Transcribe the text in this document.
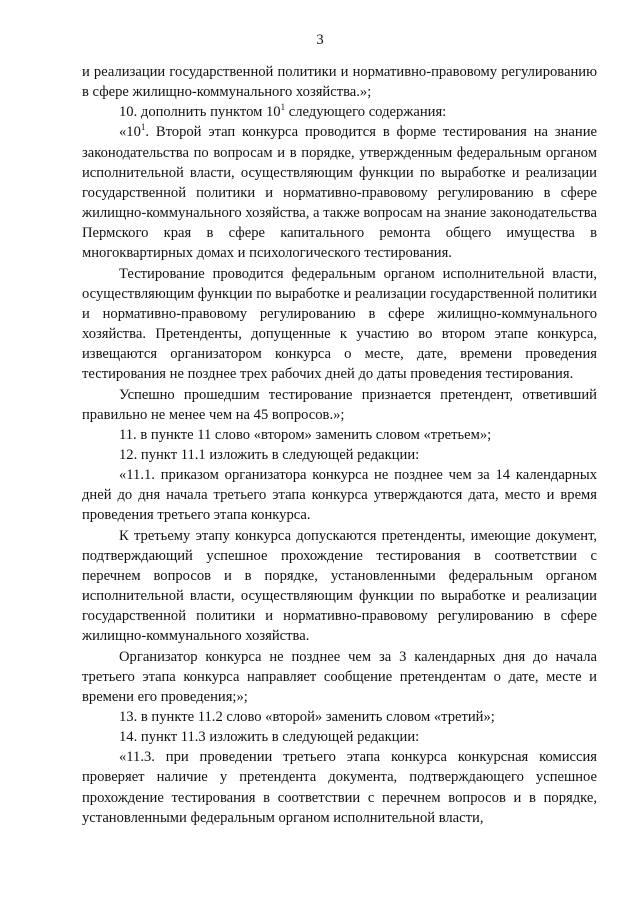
3

и реализации государственной политики и нормативно-правовому регулированию в сфере жилищно-коммунального хозяйства.»;

10. дополнить пунктом $10^1$ следующего содержания:

«$10^1$. Второй этап конкурса проводится в форме тестирования на знание законодательства по вопросам и в порядке, утвержденным федеральным органом исполнительной власти, осуществляющим функции по выработке и реализации государственной политики и нормативно-правовому регулированию в сфере жилищно-коммунального хозяйства, а также вопросам на знание законодательства Пермского края в сфере капитального ремонта общего имущества в многоквартирных домах и психологического тестирования.

Тестирование проводится федеральным органом исполнительной власти, осуществляющим функции по выработке и реализации государственной политики и нормативно-правовому регулированию в сфере жилищно-коммунального хозяйства. Претенденты, допущенные к участию во втором этапе конкурса, извещаются организатором конкурса о месте, дате, времени проведения тестирования не позднее трех рабочих дней до даты проведения тестирования.

Успешно прошедшим тестирование признается претендент, ответивший правильно не менее чем на 45 вопросов.»;

11. в пункте 11 слово «втором» заменить словом «третьем»;

12. пункт 11.1 изложить в следующей редакции:

«11.1. приказом организатора конкурса не позднее чем за 14 календарных дней до дня начала третьего этапа конкурса утверждаются дата, место и время проведения третьего этапа конкурса.

К третьему этапу конкурса допускаются претенденты, имеющие документ, подтверждающий успешное прохождение тестирования в соответствии с перечнем вопросов и в порядке, установленными федеральным органом исполнительной власти, осуществляющим функции по выработке и реализации государственной политики и нормативно-правовому регулированию в сфере жилищно-коммунального хозяйства.

Организатор конкурса не позднее чем за 3 календарных дня до начала третьего этапа конкурса направляет сообщение претендентам о дате, месте и времени его проведения;»;

13. в пункте 11.2 слово «второй» заменить словом «третий»;

14. пункт 11.3 изложить в следующей редакции:

«11.3. при проведении третьего этапа конкурса конкурсная комиссия проверяет наличие у претендента документа, подтверждающего успешное прохождение тестирования в соответствии с перечнем вопросов и в порядке, установленными федеральным органом исполнительной власти,
